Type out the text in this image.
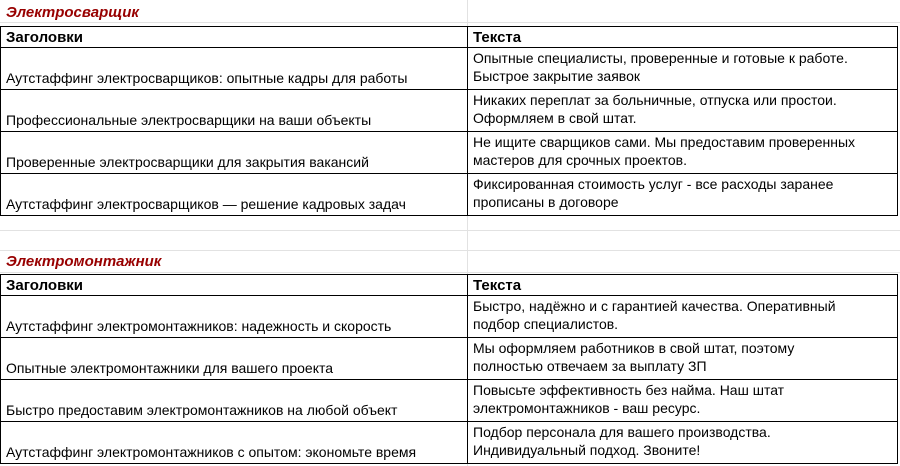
Электросварщик
Заголовки	Текста
Аутстаффинг электросварщиков: опытные кадры для работы	Опытные специалисты, проверенные и готовые к работе.
Быстрое закрытие заявок

Профессиональные электросварщики на ваши объекты	Никаких переплат за больничные, отпуска или простои.
Оформляем в свой штат.

Проверенные электросварщики для закрытия вакансий	Не ищите сварщиков сами. Мы предоставим проверенных
мастеров для срочных проектов.

Аутстаффинг электросварщиков — решение кадровых задач	Фиксированная стоимость услуг - все расходы заранее
прописаны в договоре
Электромонтажник
Заголовки	Текста
Аутстаффинг электромонтажников: надежность и скорость	Быстро, надёжно и с гарантией качества. Оперативный
подбор специалистов.

Опытные электромонтажники для вашего проекта	Мы оформляем работников в свой штат, поэтому
полностью отвечаем за выплату ЗП

Быстро предоставим электромонтажников на любой объект	Повысьте эффективность без найма. Наш штат
электромонтажников - ваш ресурс.

Аутстаффинг электромонтажников с опытом: экономьте время	Подбор персонала для вашего производства.
Индивидуальный подход. Звоните!
